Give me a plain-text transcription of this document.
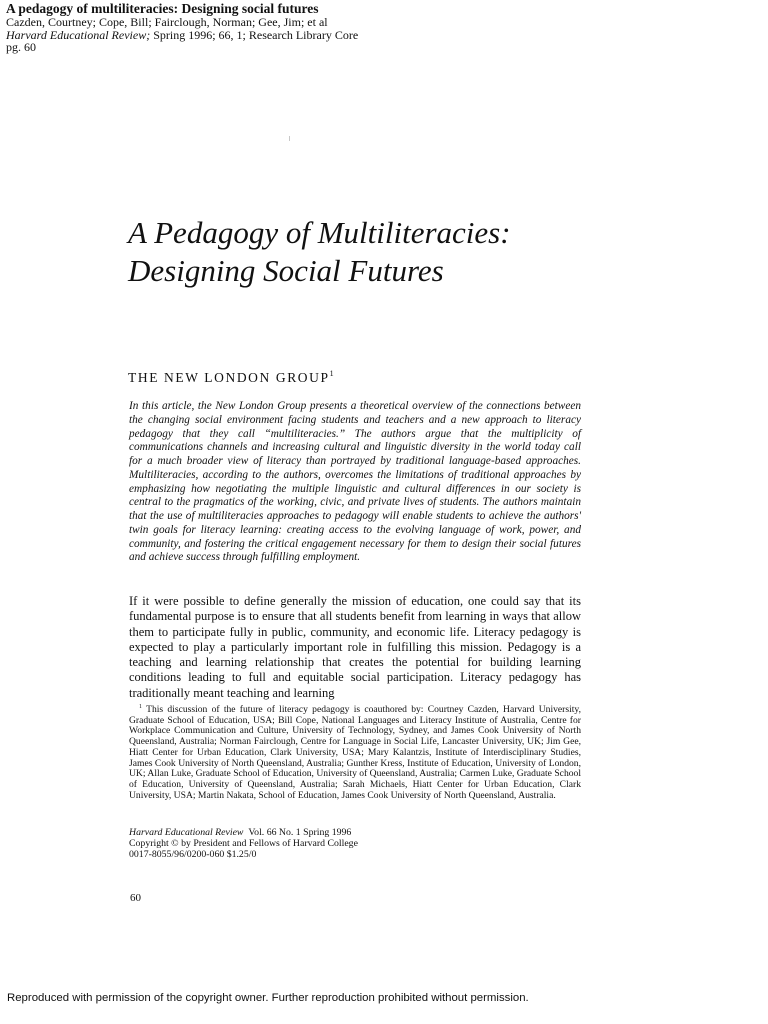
A pedagogy of multiliteracies: Designing social futures
Cazden, Courtney; Cope, Bill; Fairclough, Norman; Gee, Jim; et al
Harvard Educational Review; Spring 1996; 66, 1; Research Library Core
pg. 60
A Pedagogy of Multiliteracies:
Designing Social Futures
THE NEW LONDON GROUP$^1$

In this article, the New London Group presents a theoretical overview of the connections between the changing social environment facing students and teachers and a new approach to literacy pedagogy that they call “multiliteracies.” The authors argue that the multiplicity of communications channels and increasing cultural and linguistic diversity in the world today call for a much broader view of literacy than portrayed by traditional language-based approaches. Multiliteracies, according to the authors, overcomes the limitations of traditional approaches by emphasizing how negotiating the multiple linguistic and cultural differences in our society is central to the pragmatics of the working, civic, and private lives of students. The authors maintain that the use of multiliteracies approaches to pedagogy will enable students to achieve the authors' twin goals for literacy learning: creating access to the evolving language of work, power, and community, and fostering the critical engagement necessary for them to design their social futures and achieve success through fulfilling employment.

If it were possible to define generally the mission of education, one could say that its fundamental purpose is to ensure that all students benefit from learning in ways that allow them to participate fully in public, community, and economic life. Literacy pedagogy is expected to play a particularly important role in fulfilling this mission. Pedagogy is a teaching and learning relationship that creates the potential for building learning conditions leading to full and equitable social participation. Literacy pedagogy has traditionally meant teaching and learning

$^1$ This discussion of the future of literacy pedagogy is coauthored by: Courtney Cazden, Harvard University, Graduate School of Education, USA; Bill Cope, National Languages and Literacy Institute of Australia, Centre for Workplace Communication and Culture, University of Technology, Sydney, and James Cook University of North Queensland, Australia; Norman Fairclough, Centre for Language in Social Life, Lancaster University, UK; Jim Gee, Hiatt Center for Urban Education, Clark University, USA; Mary Kalantzis, Institute of Interdisciplinary Studies, James Cook University of North Queensland, Australia; Gunther Kress, Institute of Education, University of London, UK; Allan Luke, Graduate School of Education, University of Queensland, Australia; Carmen Luke, Graduate School of Education, University of Queensland, Australia; Sarah Michaels, Hiatt Center for Urban Education, Clark University, USA; Martin Nakata, School of Education, James Cook University of North Queensland, Australia.

Harvard Educational Review Vol. 66 No. 1 Spring 1996
Copyright © by President and Fellows of Harvard College
0017-8055/96/0200-060 $1.25/0
60
Reproduced with permission of the copyright owner. Further reproduction prohibited without permission.
